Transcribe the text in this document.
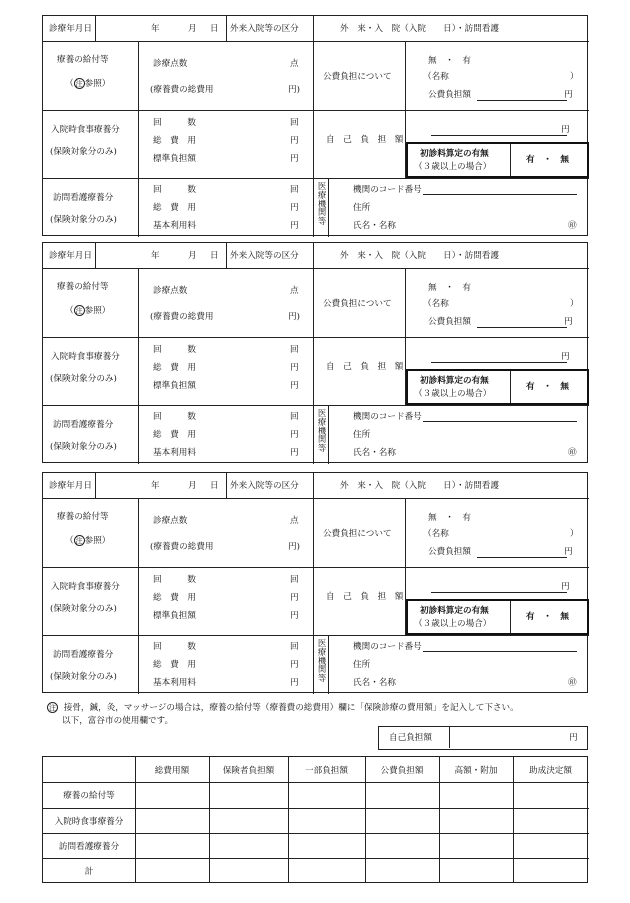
診療年月日	年	月 日 外来入院等の区分	外　来・入　院（入院　　日）・訪問看護
療養の給付等
（ 注 参照）
診療点数	点
(療養費の総費用	円)
公費負担について
無　・　有
（名称	）
公費負担額	円
入院時食事療養分
(保険対象分のみ)
回　　　数	回
総　費　用	円
標準負担額	円
自　己　負　担　額
円
初診料算定の有無
（３歳以上の場合）
有　・　無
訪問看護療養分
(保険対象分のみ)
回　　　数	回
総　費　用	円
基本利用料	円
医療機関等
機関のコード番号
住所
氏名・名称	㊞
診療年月日	年	月 日 外来入院等の区分	外　来・入　院（入院　　日）・訪問看護
療養の給付等
（ 注 参照）
診療点数	点
(療養費の総費用	円)
公費負担について
無　・　有
（名称	）
公費負担額	円
入院時食事療養分
(保険対象分のみ)
回　　　数	回
総　費　用	円
標準負担額	円
自　己　負　担　額
円
初診料算定の有無
（３歳以上の場合）
有　・　無
訪問看護療養分
(保険対象分のみ)
回　　　数	回
総　費　用	円
基本利用料	円
医療機関等
機関のコード番号
住所
氏名・名称	㊞
診療年月日	年	月 日 外来入院等の区分	外　来・入　院（入院　　日）・訪問看護
療養の給付等
（ 注 参照）
診療点数	点
(療養費の総費用	円)
公費負担について
無　・　有
（名称	）
公費負担額	円
入院時食事療養分
(保険対象分のみ)
回　　　数	回
総　費　用	円
標準負担額	円
自　己　負　担　額
円
初診料算定の有無
（３歳以上の場合）
有　・　無
訪問看護療養分
(保険対象分のみ)
回　　　数	回
総　費　用	円
基本利用料	円
医療機関等
機関のコード番号
住所
氏名・名称	㊞
注 接骨，鍼，灸，マッサージの場合は，療養の給付等（療養費の総費用）欄に「保険診療の費用額」を記入して下さい。
以下，富谷市の使用欄です。
自己負担額	円
総費用額	保険者負担額	一部負担額	公費負担額	高額・附加	助成決定額
療養の給付等
入院時食事療養分
訪問看護療養分
計
